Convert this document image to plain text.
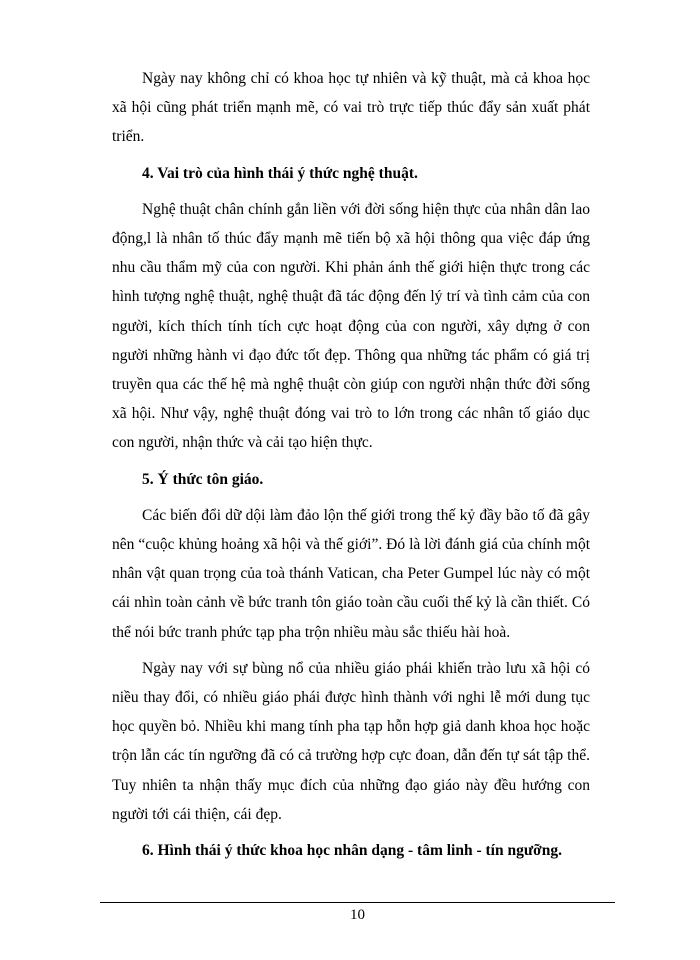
Ngày nay không chỉ có khoa học tự nhiên và kỹ thuật, mà cả khoa học xã hội cũng phát triển mạnh mẽ, có vai trò trực tiếp thúc đẩy sản xuất phát triển.

4. Vai trò của hình thái ý thức nghệ thuật.

Nghệ thuật chân chính gắn liền với đời sống hiện thực của nhân dân lao động,l là nhân tố thúc đẩy mạnh mẽ tiến bộ xã hội thông qua việc đáp ứng nhu cầu thẩm mỹ của con người. Khi phản ánh thế giới hiện thực trong các hình tượng nghệ thuật, nghệ thuật đã tác động đến lý trí và tình cảm của con người, kích thích tính tích cực hoạt động của con người, xây dựng ở con người những hành vi đạo đức tốt đẹp. Thông qua những tác phẩm có giá trị truyền qua các thế hệ mà nghệ thuật còn giúp con người nhận thức đời sống xã hội. Như vậy, nghệ thuật đóng vai trò to lớn trong các nhân tố giáo dục con người, nhận thức và cải tạo hiện thực.

5. Ý thức tôn giáo.

Các biến đổi dữ dội làm đảo lộn thế giới trong thế kỷ đầy bão tố đã gây nên “cuộc khủng hoảng xã hội và thế giới”. Đó là lời đánh giá của chính một nhân vật quan trọng của toà thánh Vatican, cha Peter Gumpel lúc này có một cái nhìn toàn cảnh về bức tranh tôn giáo toàn cầu cuối thế kỷ là cần thiết. Có thể nói bức tranh phức tạp pha trộn nhiều màu sắc thiếu hài hoà.

Ngày nay với sự bùng nổ của nhiều giáo phái khiến trào lưu xã hội có niều thay đổi, có nhiều giáo phái được hình thành với nghi lễ mới dung tục học quyền bỏ. Nhiều khi mang tính pha tạp hỗn hợp giả danh khoa học hoặc trộn lẫn các tín ngưỡng đã có cả trường hợp cực đoan, dẫn đến tự sát tập thể. Tuy nhiên ta nhận thấy mục đích của những đạo giáo này đều hướng con người tới cái thiện, cái đẹp.

6. Hình thái ý thức khoa học nhân dạng - tâm linh - tín ngưỡng.

10
